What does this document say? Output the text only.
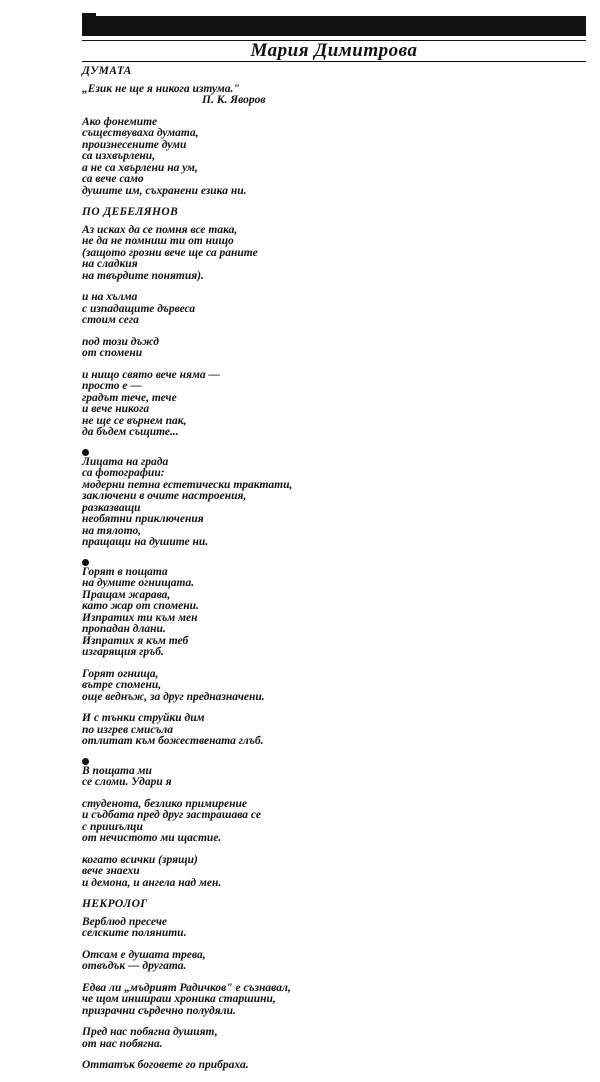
Мария Димитрова
ДУМАТА
„Език не ще я никога изтума."
П. К. Яворов
Ако фонемите
съществуваха думата,
произнесените думи
са изхвърлени,
а не са хвърлени на ум,
са вече само
душите им, съхранени езика ни.
ПО ДЕБЕЛЯНОВ
Аз исках да се помня все така,
не да не помниш ти от нищо
(защото грозни вече ще са раните
на сладкия
на твърдите понятия).
и на хълма
с изпадащите дървеса
стоим сега
под този дъжд
от спомени
и нищо свято вече няма —
просто е —
градът тече, тече
и вече никога
не ще се върнем пак,
да бъдем същите...
Лицата на града
са фотографии:
модерни петна естетически трактати,
заключени в очите настроения,
разказващи
необятни приключения
на тялото,
пращащи на душите ни.
Горят в пощата
на думите огнищата.
Пращам жарава,
като жар от спомени.
Изпратих ти към мен
пропадан длани.
Изпратих я към теб
изгарящия гръб.
Горят огнища,
вътре спомени,
още веднъж, за друг предназначени.
И с тънки струйки дим
по изгрев смисъла
отлитат към божествената глъб.
В пощата ми
се сломи. Удари я
студенота, безлико примирение
и съдбата пред друг застрашава се
с пришълци
от нечистото ми щастие.
когато всички (зрящи)
вече знаехи
и демона, и ангела над мен.
НЕКРОЛОГ
Верблюд пресече
селските полянити.
Отсам е душата трева,
отвъдък — другата.
Едва ли „мъдрият Радичков" е съзнавал,
че щом иншираш хроника старшини,
призрачни сърдечно полудяли.
Пред нас побягна душият,
от нас побягна.
Оттатък боговете го прибраха.
